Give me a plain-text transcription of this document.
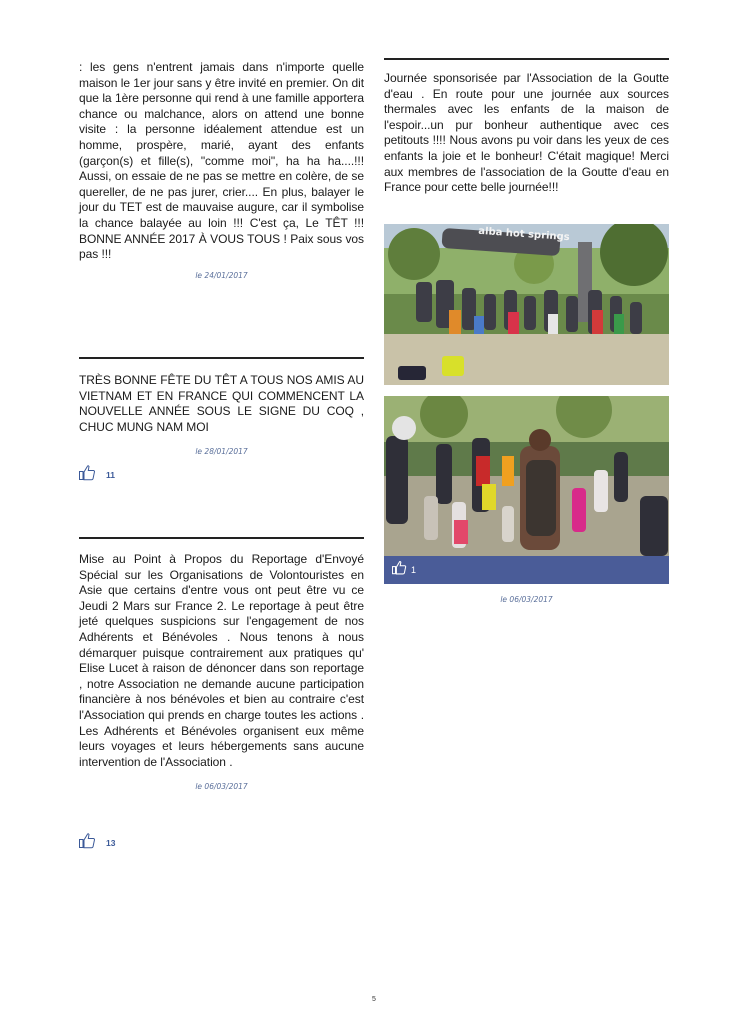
: les gens n'entrent jamais dans n'importe quelle maison le 1er jour sans y être invité en premier. On dit que la 1ère personne qui rend à une famille apportera chance ou malchance, alors on attend une bonne visite : la personne idéalement attendue est un homme, prospère, marié, ayant des enfants (garçon(s) et fille(s), "comme moi", ha ha ha....!!! Aussi, on essaie de ne pas se mettre en colère, de se quereller, de ne pas jurer, crier.... En plus, balayer le jour du TET est de mauvaise augure, car il symbolise la chance balayée au loin !!! C'est ça, Le TÊT !!! BONNE ANNÉE 2017 À VOUS TOUS ! Paix sous vos pas !!!

le 24/01/2017

TRÈS BONNE FÊTE DU TÊT A TOUS NOS AMIS AU VIETNAM ET EN FRANCE QUI COMMENCENT LA NOUVELLE ANNÉE SOUS LE SIGNE DU COQ , CHUC MUNG NAM MOI

le 28/01/2017
11

Mise au Point à Propos du Reportage d'Envoyé Spécial sur les Organisations de Volontouristes en Asie que certains d'entre vous ont peut être vu ce Jeudi 2 Mars sur France 2. Le reportage à peut être jeté quelques suspicions sur l'engagement de nos Adhérents et Bénévoles . Nous tenons à nous démarquer puisque contrairement aux pratiques qu' Elise Lucet à raison de dénoncer dans son reportage , notre Association ne demande aucune participation financière à nos bénévoles et bien au contraire c'est l'Association qui prends en charge toutes les actions . Les Adhérents et Bénévoles organisent eux même leurs voyages et leurs hébergements sans aucune intervention de l'Association .

le 06/03/2017
13

Journée sponsorisée par l'Association de la Goutte d'eau . En route pour une journée aux sources thermales avec les enfants de la maison de l'espoir...un pur bonheur authentique avec ces petitouts !!!! Nous avons pu voir dans les yeux de ces enfants la joie et le bonheur! C'était magique! Merci aux membres de l'association de la Goutte d'eau en France pour cette belle journée!!!

alba hot springs
1
le 06/03/2017
5
